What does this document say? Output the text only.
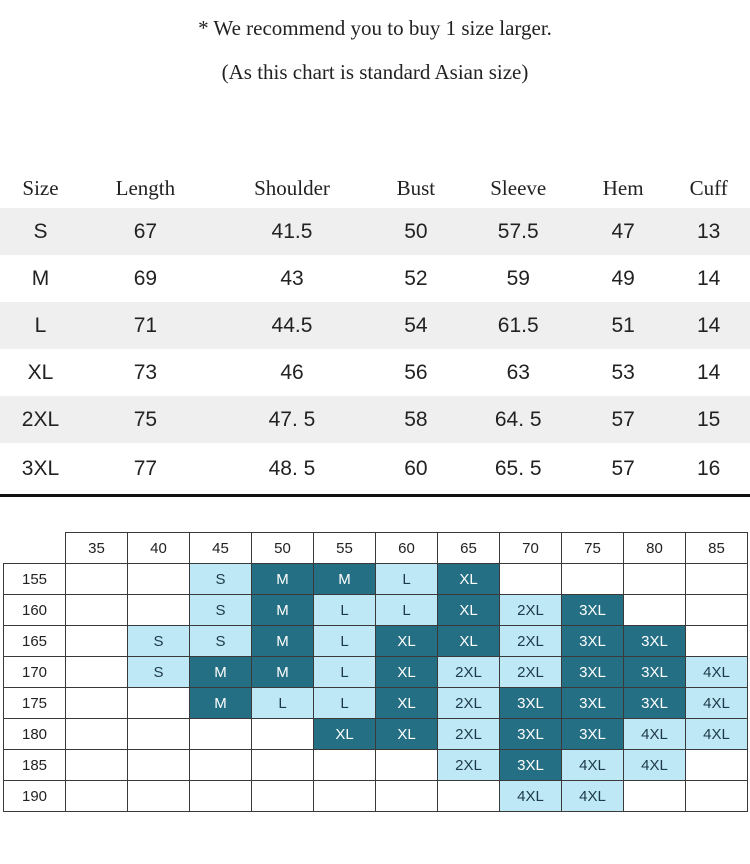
* We recommend you to buy 1 size larger.
(As this chart is standard Asian size)
Size	Length	Shoulder	Bust	Sleeve	Hem	Cuff
S	67	41.5	50	57.5	47	13
M	69	43	52	59	49	14
L	71	44.5	54	61.5	51	14
XL	73	46	56	63	53	14
2XL	75	47. 5	58	64. 5	57	15
3XL	77	48. 5	60	65. 5	57	16
	35	40	45	50	55	60	65	70	75	80	85
155			S	M	M	L	XL				
160			S	M	L	L	XL	2XL	3XL		
165		S	S	M	L	XL	XL	2XL	3XL	3XL	
170		S	M	M	L	XL	2XL	2XL	3XL	3XL	4XL
175			M	L	L	XL	2XL	3XL	3XL	3XL	4XL
180					XL	XL	2XL	3XL	3XL	4XL	4XL
185							2XL	3XL	4XL	4XL	
190								4XL	4XL		
